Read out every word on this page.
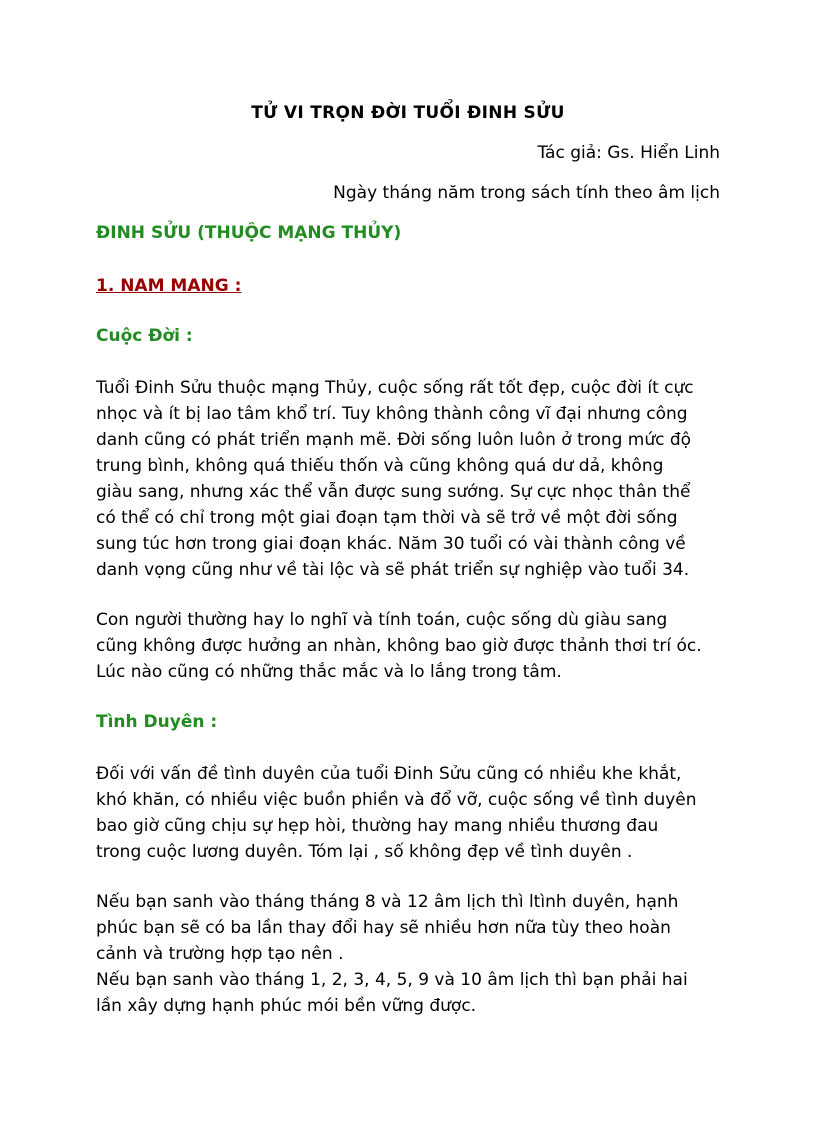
TỬ VI TRỌN ĐỜI TUỔI ĐINH SỬU
Tác giả: Gs. Hiển Linh
Ngày tháng năm trong sách tính theo âm lịch
ĐINH SỬU (THUỘC MẠNG THỦY)
1. NAM MANG :
Cuộc Đời :
Tuổi Đinh Sửu thuộc mạng Thủy, cuộc sống rất tốt đẹp, cuộc đời ít cực
nhọc và ít bị lao tâm khổ trí. Tuy không thành công vĩ đại nhưng công
danh cũng có phát triển mạnh mẽ. Đời sống luôn luôn ở trong mức độ
trung bình, không quá thiếu thốn và cũng không quá dư dả, không
giàu sang, nhưng xác thể vẫn được sung sướng. Sự cực nhọc thân thể
có thể có chỉ trong một giai đoạn tạm thời và sẽ trở về một đời sống
sung túc hơn trong giai đoạn khác. Năm 30 tuổi có vài thành công về
danh vọng cũng như về tài lộc và sẽ phát triển sự nghiệp vào tuổi 34.
Con người thường hay lo nghĩ và tính toán, cuộc sống dù giàu sang
cũng không được hưởng an nhàn, không bao giờ được thảnh thơi trí óc.
Lúc nào cũng có những thắc mắc và lo lắng trong tâm.
Tình Duyên :
Đối với vấn đề tình duyên của tuổi Đinh Sửu cũng có nhiều khe khắt,
khó khăn, có nhiều việc buồn phiền và đổ vỡ, cuộc sống về tình duyên
bao giờ cũng chịu sự hẹp hòi, thường hay mang nhiều thương đau
trong cuộc lương duyên. Tóm lại , số không đẹp về tình duyên .
Nếu bạn sanh vào tháng tháng 8 và 12 âm lịch thì ltình duyên, hạnh
phúc bạn sẽ có ba lần thay đổi hay sẽ nhiều hơn nữa tùy theo hoàn
cảnh và trường hợp tạo nên .
Nếu bạn sanh vào tháng 1, 2, 3, 4, 5, 9 và 10 âm lịch thì bạn phải hai
lần xây dựng hạnh phúc mói bền vững được.
